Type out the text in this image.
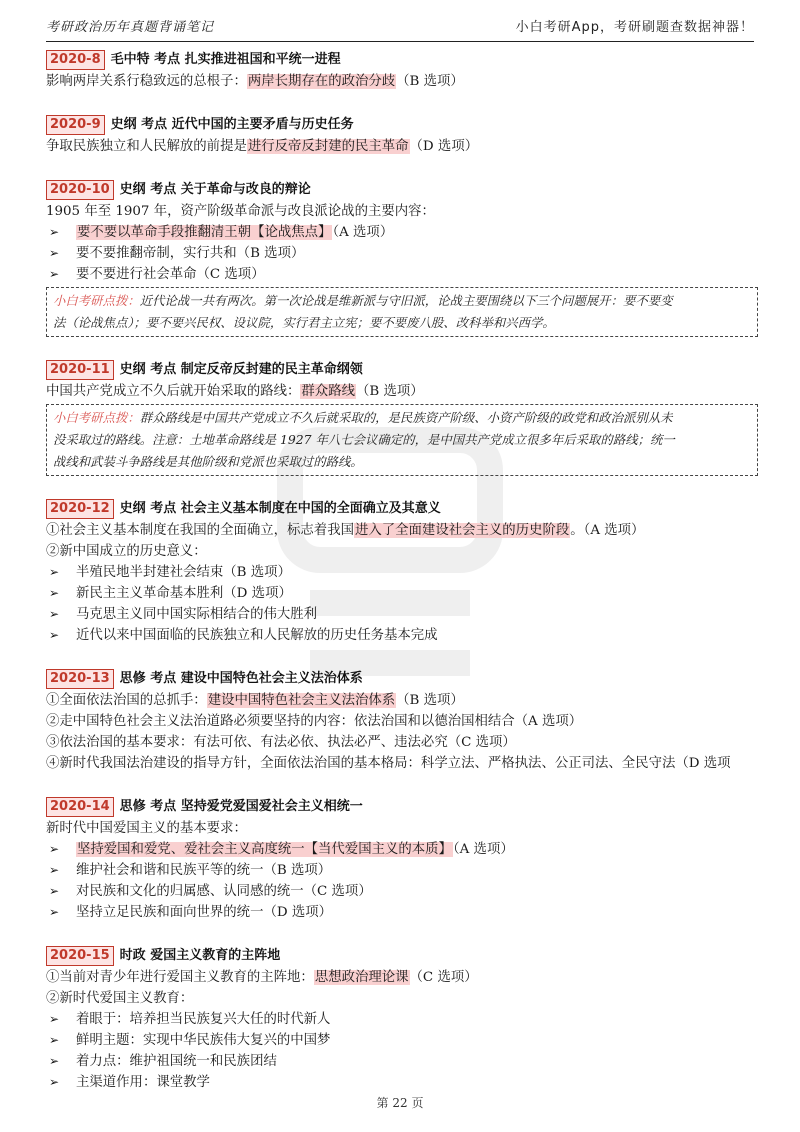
考研政治历年真题背诵笔记	小白考研App，考研刷题查数据神器！
2020-8 毛中特 考点 扎实推进祖国和平统一进程
影响两岸关系行稳致远的总根子：两岸长期存在的政治分歧（B 选项）
2020-9 史纲 考点 近代中国的主要矛盾与历史任务
争取民族独立和人民解放的前提是进行反帝反封建的民主革命（D 选项）
2020-10 史纲 考点 关于革命与改良的辩论
1905 年至 1907 年，资产阶级革命派与改良派论战的主要内容：
➢	要不要以革命手段推翻清王朝【论战焦点】（A 选项）
➢	要不要推翻帝制，实行共和（B 选项）
➢	要不要进行社会革命（C 选项）
小白考研点拨：近代论战一共有两次。第一次论战是维新派与守旧派，论战主要围绕以下三个问题展开：要不要变
法（论战焦点）；要不要兴民权、设议院，实行君主立宪；要不要废八股、改科举和兴西学。
2020-11 史纲 考点 制定反帝反封建的民主革命纲领
中国共产党成立不久后就开始采取的路线：群众路线（B 选项）
小白考研点拨：群众路线是中国共产党成立不久后就采取的，是民族资产阶级、小资产阶级的政党和政治派别从未
没采取过的路线。注意：土地革命路线是 1927 年八七会议确定的，是中国共产党成立很多年后采取的路线；统一
战线和武装斗争路线是其他阶级和党派也采取过的路线。
2020-12 史纲 考点 社会主义基本制度在中国的全面确立及其意义
①社会主义基本制度在我国的全面确立，标志着我国进入了全面建设社会主义的历史阶段。（A 选项）
②新中国成立的历史意义：
➢	半殖民地半封建社会结束（B 选项）
➢	新民主主义革命基本胜利（D 选项）
➢	马克思主义同中国实际相结合的伟大胜利
➢	近代以来中国面临的民族独立和人民解放的历史任务基本完成
2020-13 思修 考点 建设中国特色社会主义法治体系
①全面依法治国的总抓手：建设中国特色社会主义法治体系（B 选项）
②走中国特色社会主义法治道路必须要坚持的内容：依法治国和以德治国相结合（A 选项）
③依法治国的基本要求：有法可依、有法必依、执法必严、违法必究（C 选项）
④新时代我国法治建设的指导方针，全面依法治国的基本格局：科学立法、严格执法、公正司法、全民守法（D 选项
2020-14 思修 考点 坚持爱党爱国爱社会主义相统一
新时代中国爱国主义的基本要求：
➢	坚持爱国和爱党、爱社会主义高度统一【当代爱国主义的本质】（A 选项）
➢	维护社会和谐和民族平等的统一（B 选项）
➢	对民族和文化的归属感、认同感的统一（C 选项）
➢	坚持立足民族和面向世界的统一（D 选项）
2020-15 时政 爱国主义教育的主阵地
①当前对青少年进行爱国主义教育的主阵地：思想政治理论课（C 选项）
②新时代爱国主义教育：
➢	着眼于：培养担当民族复兴大任的时代新人
➢	鲜明主题：实现中华民族伟大复兴的中国梦
➢	着力点：维护祖国统一和民族团结
➢	主渠道作用：课堂教学
第 22 页
